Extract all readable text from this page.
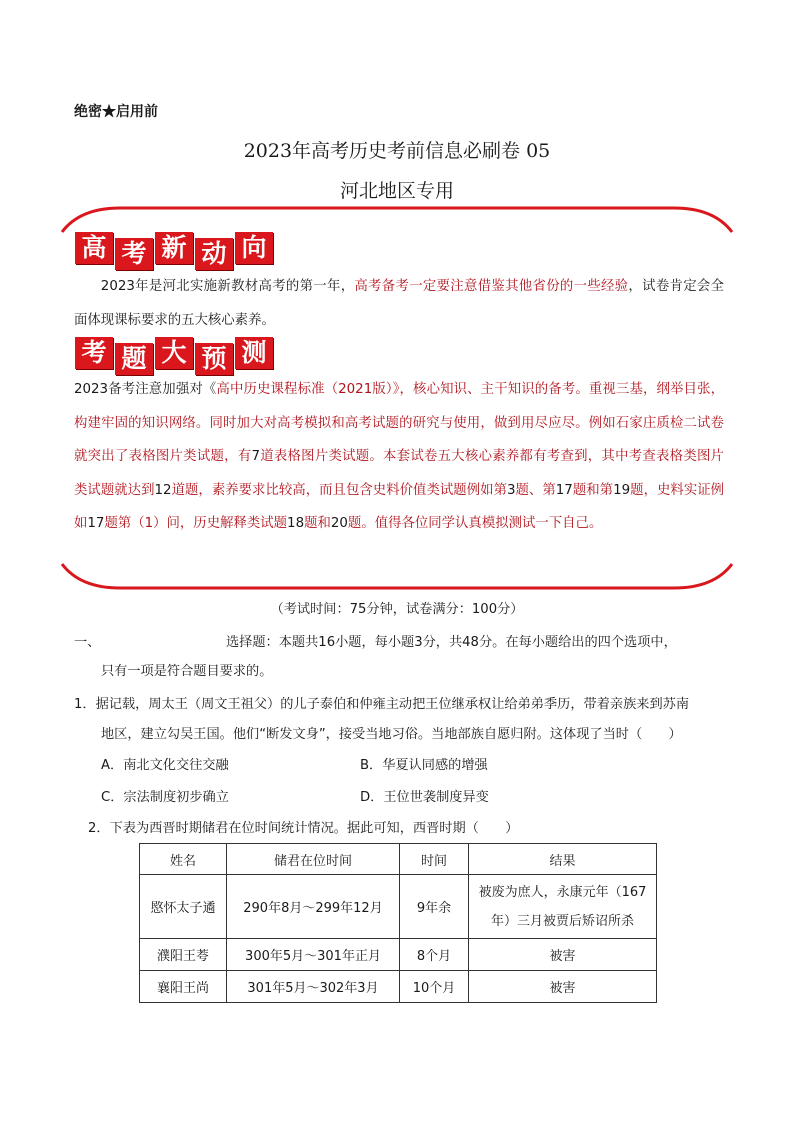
绝密★启用前
2023年高考历史考前信息必刷卷 05
河北地区专用
高 考 新 动 向
2023年是河北实施新教材高考的第一年，高考备考一定要注意借鉴其他省份的一些经验，试卷肯定会全面体现课标要求的五大核心素养。
考 题 大 预 测
2023备考注意加强对《高中历史课程标准（2021版）》，核心知识、主干知识的备考。重视三基，纲举目张，构建牢固的知识网络。同时加大对高考模拟和高考试题的研究与使用，做到用尽应尽。例如石家庄质检二试卷就突出了表格图片类试题，有7道表格图片类试题。本套试卷五大核心素养都有考查到，其中考查表格类图片类试题就达到12道题，素养要求比较高，而且包含史料价值类试题例如第3题、第17题和第19题，史料实证例如17题第（1）问，历史解释类试题18题和20题。值得各位同学认真模拟测试一下自己。
（考试时间：75分钟，试卷满分：100分）
一、	选择题：本题共16小题，每小题3分，共48分。在每小题给出的四个选项中，
只有一项是符合题目要求的。
1．据记载，周太王（周文王祖父）的儿子泰伯和仲雍主动把王位继承权让给弟弟季历，带着亲族来到苏南
地区，建立勾吴王国。他们“断发文身”，接受当地习俗。当地部族自愿归附。这体现了当时（　　）
A．南北文化交往交融	B．华夏认同感的增强
C．宗法制度初步确立	D．王位世袭制度异变
2．下表为西晋时期储君在位时间统计情况。据此可知，西晋时期（　　）
姓名	储君在位时间	时间	结果
愍怀太子遹	290年8月～299年12月	9年余	被废为庶人，永康元年（167
年）三月被贾后矫诏所杀

濮阳王荂	300年5月～301年正月	8个月	被害
襄阳王尚	301年5月～302年3月	10个月	被害
